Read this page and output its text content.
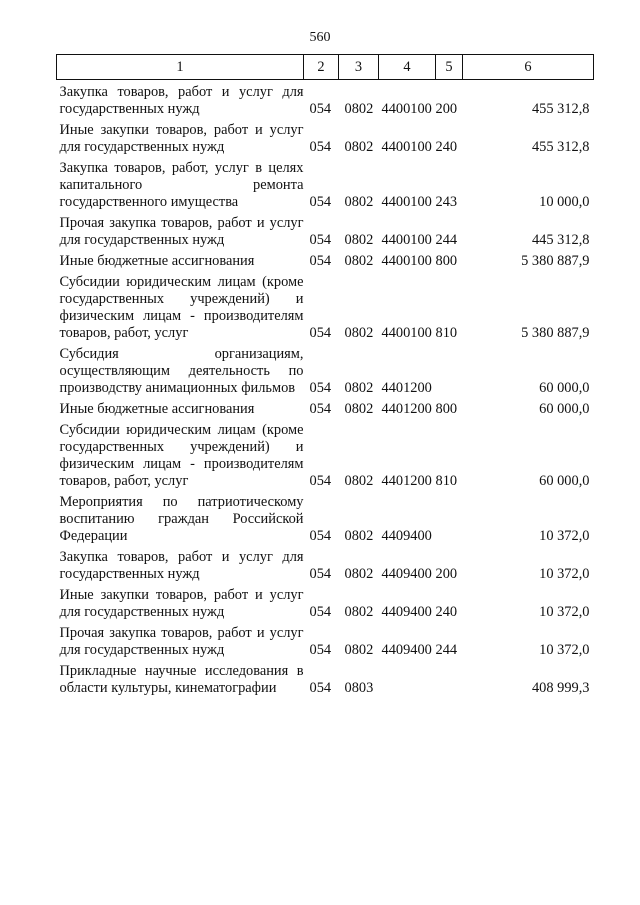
560
1	2	3	4	5	6
Закупка товаров, работ и услуг для государственных нужд	054	0802	4400100	200	455 312,8
Иные закупки товаров, работ и услуг для государственных нужд	054	0802	4400100	240	455 312,8
Закупка товаров, работ, услуг в целях капитального ремонта государственного имущества	054	0802	4400100	243	10 000,0
Прочая закупка товаров, работ и услуг для государственных нужд	054	0802	4400100	244	445 312,8
Иные бюджетные ассигнования	054	0802	4400100	800	5 380 887,9
Субсидии юридическим лицам (кроме государственных учреждений) и физическим лицам - производителям товаров, работ, услуг	054	0802	4400100	810	5 380 887,9
Субсидия организациям, осуществляющим деятельность по производству анимационных фильмов	054	0802	4401200		60 000,0
Иные бюджетные ассигнования	054	0802	4401200	800	60 000,0
Субсидии юридическим лицам (кроме государственных учреждений) и физическим лицам - производителям товаров, работ, услуг	054	0802	4401200	810	60 000,0
Мероприятия по патриотическому воспитанию граждан Российской Федерации	054	0802	4409400		10 372,0
Закупка товаров, работ и услуг для государственных нужд	054	0802	4409400	200	10 372,0
Иные закупки товаров, работ и услуг для государственных нужд	054	0802	4409400	240	10 372,0
Прочая закупка товаров, работ и услуг для государственных нужд	054	0802	4409400	244	10 372,0
Прикладные научные исследования в области культуры, кинематографии	054	0803			408 999,3
